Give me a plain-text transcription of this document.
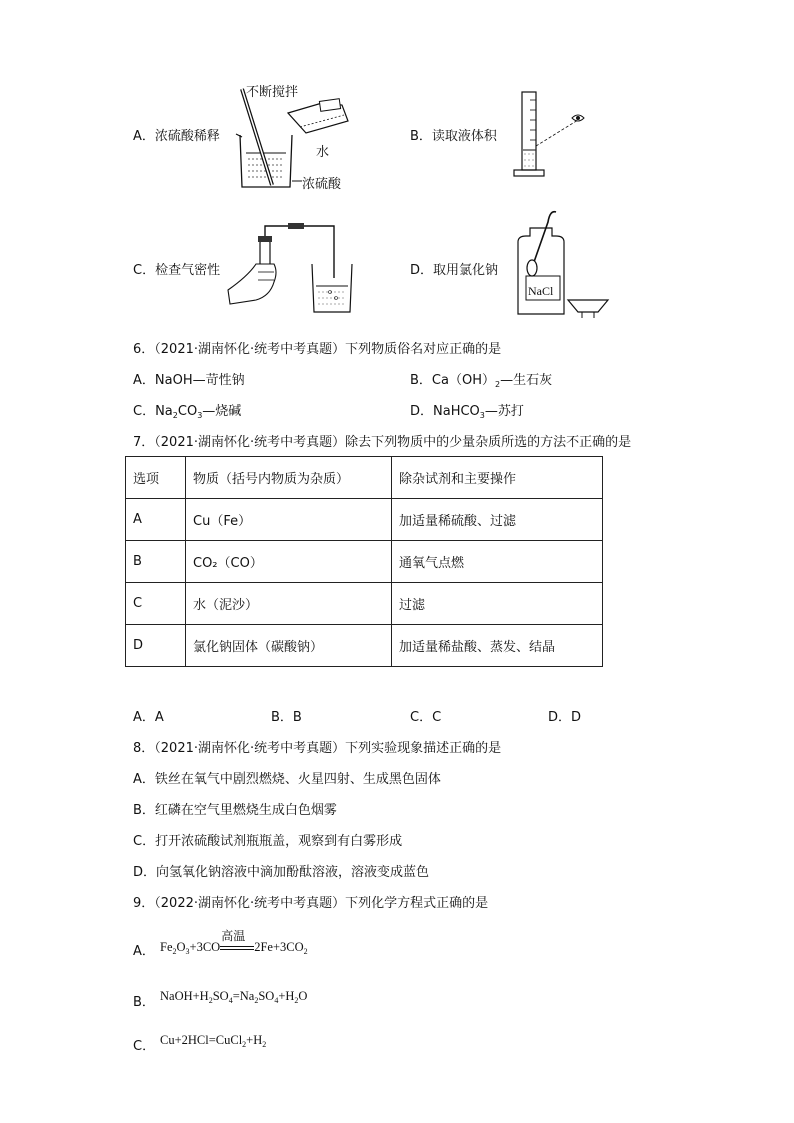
A．浓硫酸稀释
不断搅拌
水
浓硫酸
B．读取液体积
C．检查气密性	D．取用氯化钠
NaCl
6．（2021·湖南怀化·统考中考真题）下列物质俗名对应正确的是
A．NaOH—苛性钠	B．$Ca(OH)_2—$生石灰
C．$Na_2CO_3—$烧碱	D．NaHCO$_3$—苏打
7．（2021·湖南怀化·统考中考真题）除去下列物质中的少量杂质所选的方法不正确的是
选项	物质（括号内物质为杂质）	除杂试剂和主要操作
A	Cu（Fe）	加适量稀硫酸、过滤
B	CO₂（CO）	通氧气点燃
C	水（泥沙）	过滤
D	氯化钠固体（碳酸钠）	加适量稀盐酸、蒸发、结晶
A．A	B．B	C．C	D．D
8．（2021·湖南怀化·统考中考真题）下列实验现象描述正确的是
A．铁丝在氧气中剧烈燃烧、火星四射、生成黑色固体
B．红磷在空气里燃烧生成白色烟雾
C．打开浓硫酸试剂瓶瓶盖，观察到有白雾形成
D．向氢氧化钠溶液中滴加酚酞溶液，溶液变成蓝色
9．（2022·湖南怀化·统考中考真题）下列化学方程式正确的是
A． $Fe_2O_3+3CO$
高温
$2Fe+3CO_2$
B． $NaOH+H_2SO_4=Na_2SO_4+H_2O$
C． $Cu+2HCl=CuCl_2+H_2$
